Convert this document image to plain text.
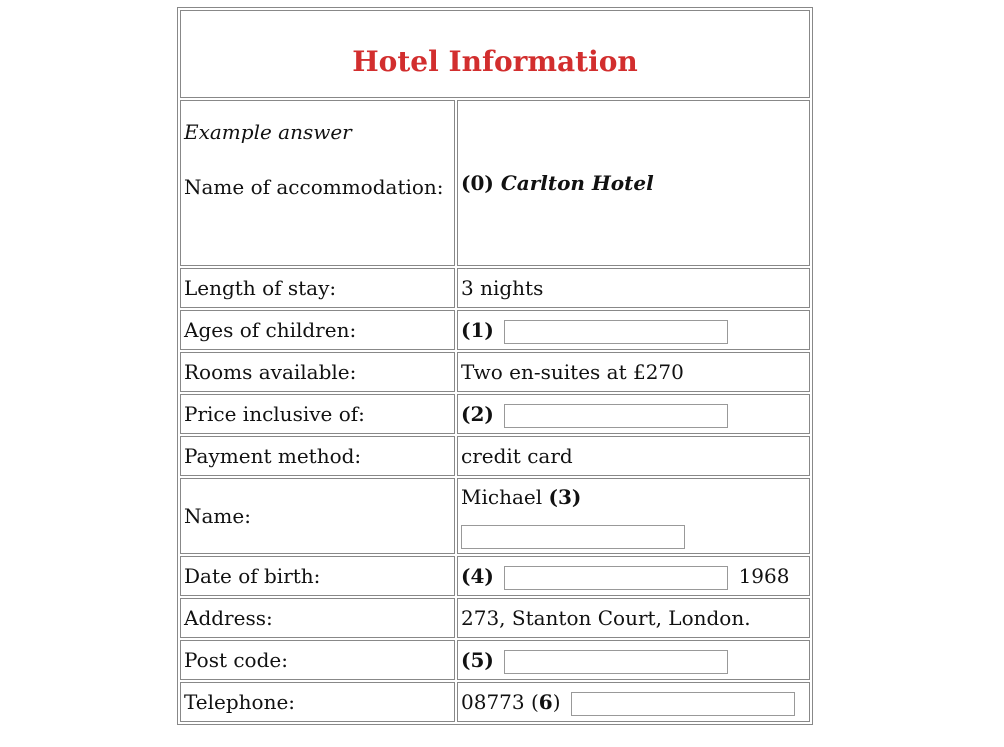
Hotel Information	

Example answer
Name of accommodation:	(0) Carlton Hotel
Length of stay:	3 nights
Ages of children:	(1)
Rooms available:	Two en-suites at £270
Price inclusive of:	(2)
Payment method:	credit card
Name:	Michael (3)

Date of birth:	(4) 1968
Address:	273, Stanton Court, London.
Post code:	(5)
Telephone:	08773 (6)
